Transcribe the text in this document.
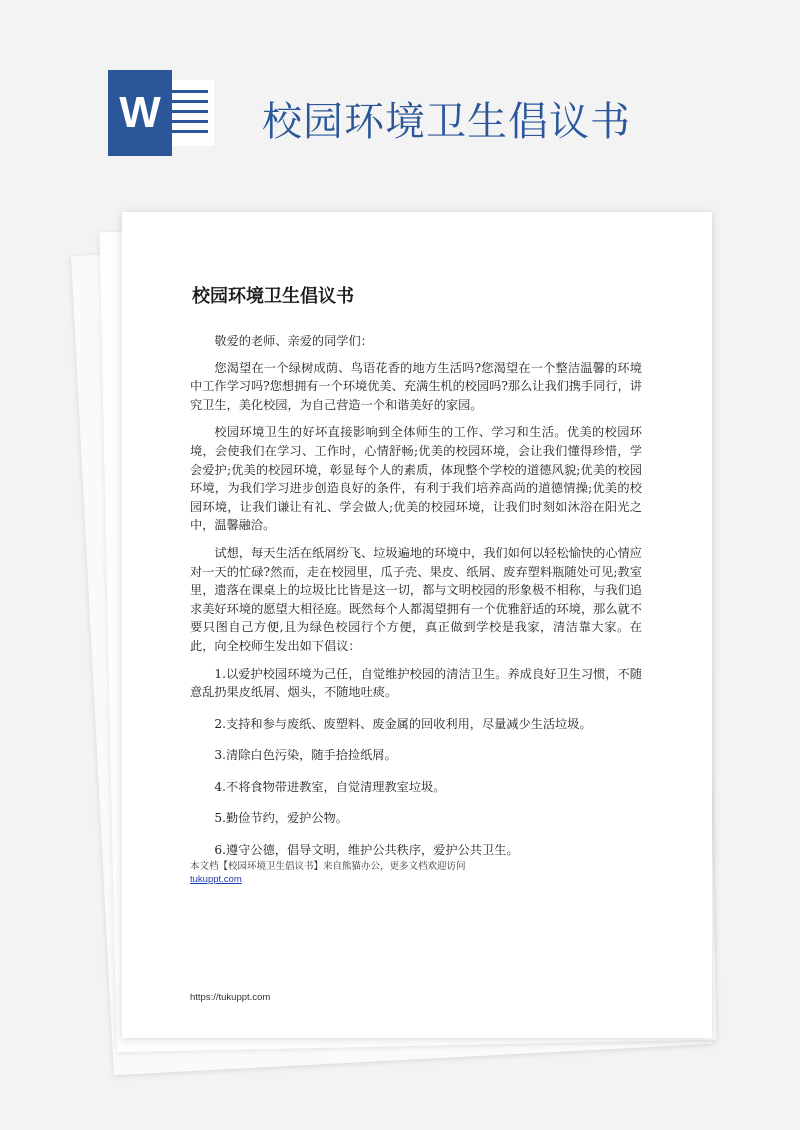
W	校园环境卫生倡议书
校园环境卫生倡议书

敬爱的老师、亲爱的同学们：

您渴望在一个绿树成荫、鸟语花香的地方生活吗?您渴望在一个整洁温馨的环境中工作学习吗?您想拥有一个环境优美、充满生机的校园吗?那么让我们携手同行，讲究卫生，美化校园，为自己营造一个和谐美好的家园。

校园环境卫生的好坏直接影响到全体师生的工作、学习和生活。优美的校园环境，会使我们在学习、工作时，心情舒畅;优美的校园环境，会让我们懂得珍惜，学会爱护;优美的校园环境，彰显每个人的素质，体现整个学校的道德风貌;优美的校园环境，为我们学习进步创造良好的条件，有利于我们培养高尚的道德情操;优美的校园环境，让我们谦让有礼、学会做人;优美的校园环境，让我们时刻如沐浴在阳光之中，温馨融洽。

试想，每天生活在纸屑纷飞、垃圾遍地的环境中，我们如何以轻松愉快的心情应对一天的忙碌?然而，走在校园里，瓜子壳、果皮、纸屑、废弃塑料瓶随处可见;教室里，遗落在课桌上的垃圾比比皆是这一切，都与文明校园的形象极不相称，与我们追求美好环境的愿望大相径庭。既然每个人都渴望拥有一个优雅舒适的环境，那么就不要只图自己方便,且为绿色校园行个方便，真正做到学校是我家，清洁靠大家。在此，向全校师生发出如下倡议：

1.以爱护校园环境为己任，自觉维护校园的清洁卫生。养成良好卫生习惯，不随意乱扔果皮纸屑、烟头，不随地吐痰。

2.支持和参与废纸、废塑料、废金属的回收利用，尽量减少生活垃圾。

3.清除白色污染，随手拾捡纸屑。

4.不将食物带进教室，自觉清理教室垃圾。

5.勤俭节约，爱护公物。

6.遵守公德，倡导文明，维护公共秩序，爱护公共卫生。

本文档【校园环境卫生倡议书】来自熊猫办公，更多文档欢迎访问
tukuppt.com
https://tukuppt.com
